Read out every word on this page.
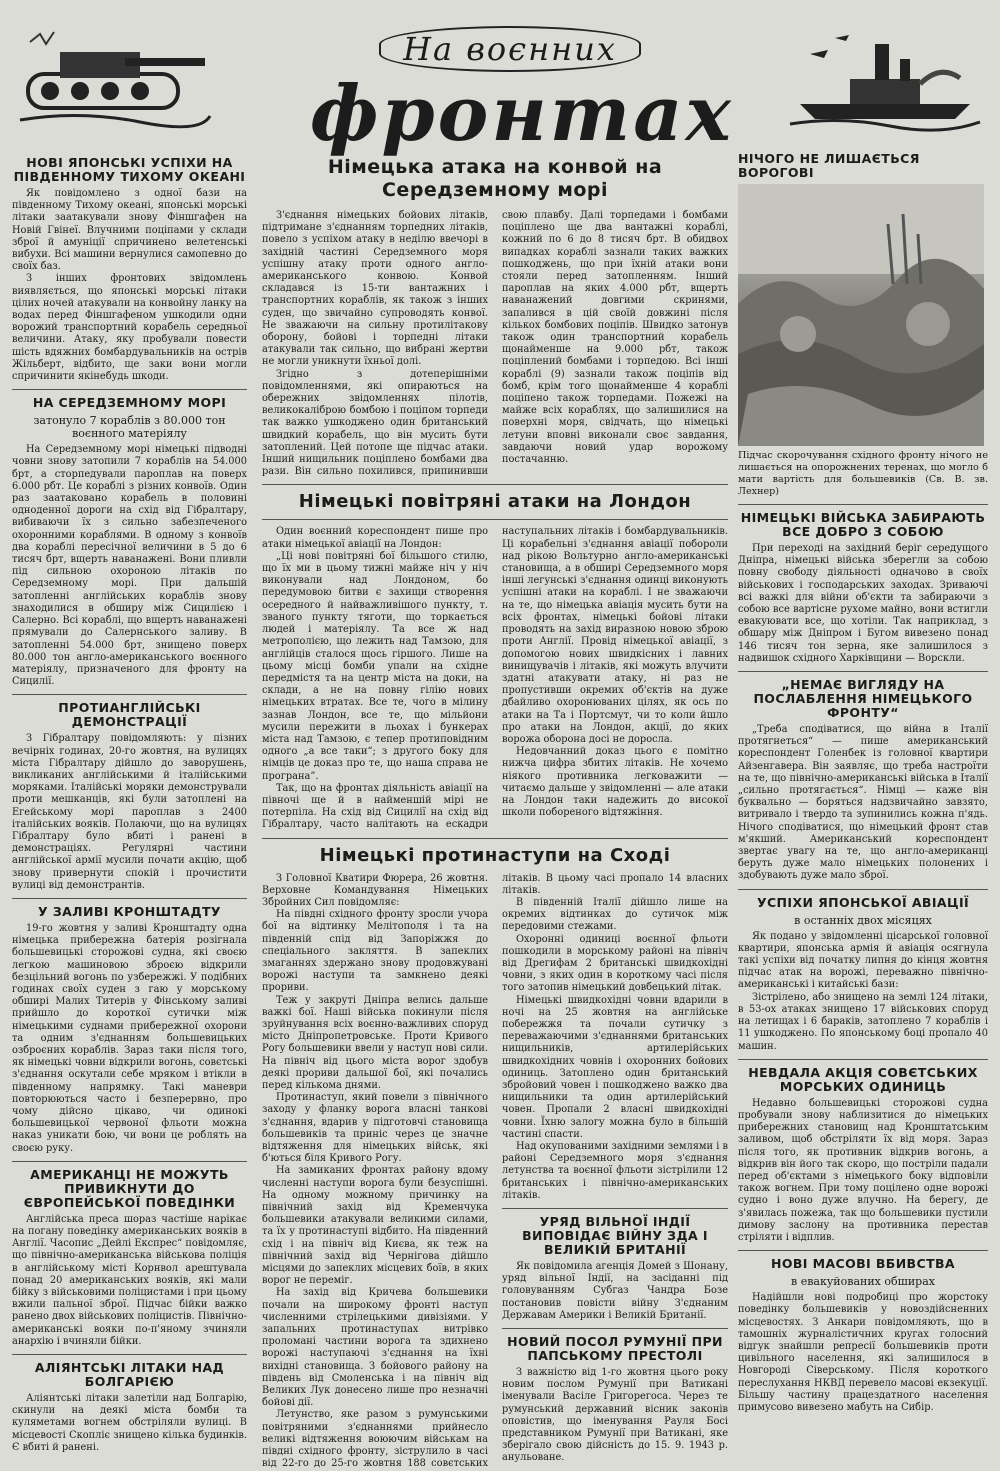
На воєнних
фронтах
НОВІ ЯПОНСЬКІ УСПІХИ НА ПІВДЕННОМУ ТИХОМУ ОКЕАНІ

Як повідомлено з одної бази на південному Тихому океані, японські морські літаки заатакували знову Фіншгафен на Новій Гвінеї. Влучними поціпами у склади зброї й амуніції спричинено велетенські вибухи. Всі машини вернулися самопевно до своїх баз.

З інших фронтових звідомлень виявляється, що японські морські літаки цілих ночей атакували на конвойну ланку на водах перед Фіншгафеном ушкодили одни ворожий транспортний корабель середньої величини. Атаку, яку пробували повести шість вдяжних бомбардувальників на острів Жільберт, відбито, ще заки вони могли спричинити якінебудь шкоди.

НА СЕРЕДЗЕМНОМУ МОРІ
затонуло 7 кораблів з 80.000 тон воєнного матеріялу

На Середземному морі німецькі підводні човни знову затопили 7 кораблів на 54.000 брт, а сторпедували пароплав на поверх 6.000 рбт. Це кораблі з різних конвоїв. Один раз заатаковано корабель в половині одноденної дороги на схід від Гібралтару, вибиваючи їх з сильно забезпеченого охоронними кораблями. В одному з конвоїв два кораблі пересічної величини в 5 до 6 тисяч брт, вщерть наванажені. Вони пливли під сильною охороною літаків по Середземному морі. При дальшій затопленні англійських кораблів знову знаходилися в обширу між Сицилією і Салерно. Всі кораблі, що вщерть наванажені прямували до Салернського заливу. В затопленні 54.000 брт, знищено поверх 80.000 тон англо-американського воєнного матеріялу, призначеного для фронту на Сицилії.

ПРОТИАНГЛІЙСЬКІ ДЕМОНСТРАЦІЇ

З Гібралтару повідомляють: у пізних вечірніх годинах, 20-го жовтня, на вулицях міста Гібралтару дійшло до заворушень, викликаних англійськими й італійськими моряками. Італійські моряки демонстрували проти мешканців, які були затоплені на Егейському морі пароплав з 2400 італійських вояків. Полаючи, що на вулицях Гібралтару було вбиті і ранені в демонстраціях. Регулярні частини англійської армії мусили почати акцію, щоб знову привернути спокій і прочистити вулиці від демонстрантів.

У ЗАЛИВІ КРОНШТАДТУ

19-го жовтня у заливі Кронштадту одна німецька прибережна батерія розігнала большевицькі сторожові судна, які своєю легкою машиновою зброєю відкрили безцільний вогонь по узбережжі. У подібних годинах своїх суден з гаю у морському обширі Малих Титерів у Фінському заливі прийшло до короткої сутички між німецькими суднами прибережної охорони та одним з'єднанням большевицьких озброєних кораблів. Зараз таки після того, як німецькі човни відкрили вогонь, совєтські з'єднання оскутали себе мряком і втікли в південному напрямку. Такі маневри повторюються часто і безперервно, про чому дійсно цікаво, чи одинокі большевицької червоної фльоти можна наказ уникати бою, чи вони це роблять на своєю руку.

АМЕРИКАНЦІ НЕ МОЖУТЬ ПРИВИКНУТИ ДО ЄВРОПЕЙСЬКОЇ ПОВЕДІНКИ

Англійська преса шораз частіше нарікає на погану поведінку американських вояків в Англії. Часопис „Дейлі Експрес“ повідомляє, що північно-американська військова поліція в англійському місті Корнвол арештувала понад 20 американських вояків, які мали бійку з військовими поліцистами і при цьому вжили пальної зброї. Підчас бійки важко ранено двох військових поліцистів. Північно-американські вояки по-п'яному зчиняли анархію і вчиняли бійки.

АЛІЯНТСЬКІ ЛІТАКИ НАД БОЛГАРІЄЮ

Аліянтські літаки залетіли над Болгарію, скинули на деякі міста бомби та куляметами вогнем обстріляли вулиці. В місцевості Скопліє знищено кілька будинків. Є вбиті й ранені.

Німецька атака на конвой на Середземному морі

З'єднання німецьких бойових літаків, підтримане з'єднанням торпедних літаків, повело з успіхом атаку в неділю ввечорі в західній частині Середземного моря успішну атаку проти одного англо-американського конвою. Конвой складався із 15-ти вантажних і транспортних кораблів, як також з інших суден, що звичайно супроводять конвої. Не зважаючи на сильну протилітакову оборону, бойові і торпедні літаки атакували так сильно, що вибрані жертви не могли уникнути їхньої долі.

Згідно з дотеперішніми повідомленнями, які опираються на обережних звідомленнях пілотів, великокаліброю бомбою і поціпом торпеди так важко ушкоджено один британський швидкий корабель, що він мусить бути затоплений. Цей потопе ще підчас атаки. Інший нищильник поціплено бомбами два рази. Він сильно похилився, припинивши свою плавбу. Далі торпедами і бомбами поціплено ще два вантажні кораблі, кожний по 6 до 8 тисяч брт. В обидвох випадках кораблі зазнали таких важких пошкоджень, що при їхній атаки вони стояли перед затопленням. Інший пароплав на яких 4.000 рбт, вщерть наванажений довгими скринями, запалився в цій своїй довжині після кількох бомбових поціпів. Швидко затонув також один транспортний корабель щонайменше на 9.000 рбт, також поціплений бомбами і торпедою. Всі інші кораблі (9) зазнали також поціпів від бомб, крім того щонайменше 4 кораблі поціпено також торпедами. Пожежі на майже всіх кораблях, що залишилися на поверхні моря, свідчать, що німецькі летуни вповні виконали своє завдання, завдаючи новий удар ворожому постачанню.

Німецькі повітряні атаки на Лондон

Один воєнний кореспондент пише про атаки німецької авіації на Лондон:

„Ці нові повітряні бої більшого стилю, що їх ми в цьому тижні майже ніч у ніч виконували над Лондоном, бо передумовою битви є захищи створення осередного й найважливішого пункту, т. званого пункту тяготи, що торкається людей і матеріялу. Та все ж над метрополією, що лежить над Тамзою, для англійців сталося щось гіршого. Лише на цьому місці бомби упали на східне передмістя та на центр міста на доки, на склади, а не на повну гілію нових німецьких втратах. Все те, чого в мілину зазнав Лондон, все те, що мільйони мусили пережити в льохах і бункерах міста над Тамзою, є тепер протиповідним одного „а все таки“; з другого боку для німців це доказ про те, що наша справа не програна”.

Так, що на фронтах діяльність авіації на півночі ще й в найменшій мірі не потерпіла. На схід від Сицилії на схід від Гібралтару, часто налітають на ескадри наступальних літаків і бомбардувальників. Ці корабельні з'єднання авіації побороли над рікою Вольтурно англо-американські становища, а в обширі Середземного моря інші легунські з'єднання одинці виконують успішні атаки на кораблі. І не зважаючи на те, що німецька авіація мусить бути на всіх фронтах, німецькі бойові літаки проводять на захід виразною новою зброю проти Англії. Провід німецької авіації, з допомогою нових швидкісних і лавних винищувачів і літаків, які можуть влучити здатні атакувати атаку, ні раз не пропустивши окремих об'єктів на дуже дбайливо охоронюваних цілях, як ось по атаки на Та і Портсмут, чи то коли йшло про атаки на Лондон, акції, до яких ворожа оборона досі не доросла.

Недовчанний доказ цього є помітно нижча цифра збитих літаків. Не хочемо ніякого противника легковажити — читаємо дальше у звідомленні — але атаки на Лондон таки надежить до високої школи побореного відтяжіння.

Німецькі протинаступи на Сході

З Головної Кватири Фюрера, 26 жовтня. Верховне Командування Німецьких Збройних Сил повідомляє:

На півдні східного фронту зросли учора бої на відтинку Мелітополя і та на південній спід від Запоріжжя до спеціального закляття. В запеклих змаганнях здержано знову продовжувані ворожі наступи та замкнено деякі прориви.

Теж у закруті Дніпра велись дальше важкі бої. Наші війська покинули після зруйнування всіх воєнно-важливих споруд місто Дніпропетровське. Проти Кривого Рогу большевики ввели у наступ нові сили. На північ від цього міста ворог здобув деякі прориви дальшої бої, які почались перед кількома днями.

Протинаступ, який повели з північного заходу у фланку ворога власні танкові з'єднання, вдарив у підготовчі становища большевиків та приніс через це значне відтяження для німецьких військ, які б'ються біля Кривого Рогу.

На замиканих фронтах району вдому численні наступи ворога були безуспішні. На одному можному причинку на північний захід від Кременчука большевики атакували великими силами, та їх у протинаступі відбито. На південний схід і на північ від Києва, як теж на північний захід від Чернігова дійшло місцями до запеклих місцевих боїв, в яких ворог не переміг.

На захід від Кричева большевики почали на широкому фронті наступ численними стрілецькими дивізіями. У запальних протинаступах витрівко проломані частини ворога та здихнено ворожі наступаючі з'єднання на їхні вихідні становища. З бойового району на південь від Смоленська і на північ від Великих Лук донесено лише про незначні бойові дії.

Летунство, яке разом з румунськими повітряними з'єднаннями прийнесло великі відтяження воюючим військам на півдні східного фронту, зіструлило в часі від 22-го до 25-го жовтня 188 совєтських літаків. В цьому часі пропало 14 власних літаків.

В південній Італії дійшло лише на окремих відтинках до сутичок між передовими стежами.

Охоронні одиниці воєнної фльоти пошкодили в морському районі на північ від Дрегифам 2 британські швидкохідні човни, з яких один в короткому часі після того затопив німецький довбецький літак.

Німецькі швидкохідні човни вдарили в ночі на 25 жовтня на англійське побережжя та почали сутичку з переважаючими з'єднаннями британських нищильників, артилерійських швидкохідних човнів і охоронних бойових одиниць. Затоплено один британський збройовий човен і пошкоджено важко два нищильники та один артилерійський човен. Пропали 2 власні швидкохідні човни. Їхню залогу можна було в більшій частині спасти.

Над окупованими західними землями і в районі Середземного моря з'єднання летунства та воєнної фльоти зістрілили 12 британських і північно-американських літаків.

УРЯД ВІЛЬНОЇ ІНДІЇ ВИПОВІДАЄ ВІЙНУ ЗДА І ВЕЛИКІЙ БРИТАНІЇ

Як повідомила агенція Домей з Шонану, уряд вільної Індії, на засіданні під головуванням Субгаз Чандра Бозе постановив повісти війну З'єднаним Державам Америки і Великій Британії.

НОВИЙ ПОСОЛ РУМУНІЇ ПРИ ПАПСЬКОМУ ПРЕСТОЛІ

З важністю від 1-го жовтня цього року новим послом Румунії при Ватикані іменували Васіле Григорегоса. Через те румунський державний вісник законів оповістив, що іменування Рауля Босі представником Румунії при Ватикані, яке зберігало свою дійсність до 15. 9. 1943 р. анульоване.

НІЧОГО НЕ ЛИШАЄТЬСЯ ВОРОГОВІ
Підчас скорочування східного фронту нічого не лишається на опорожнених теренах, що могло б мати вартість для большевиків (Св. В. зв. Лехнер)
НІМЕЦЬКІ ВІЙСЬКА ЗАБИРАЮТЬ ВСЕ ДОБРО З СОБОЮ

При переході на західний беріг середущого Дніпра, німецькі війська зберегли за собою повну свободу діяльності одначово в своїх військових і господарських заходах. Зриваючі всі важкі для війни об'єкти та забираючи з собою все вартісне рухоме майно, вони встигли евакуювати все, що хотіли. Так наприклад, з обшару між Дніпром і Бугом вивезено понад 146 тисяч тон зерна, яке залишилося з надвишок східного Харківщини — Ворскли.

„НЕМАЄ ВИГЛЯДУ НА ПОСЛАБЛЕННЯ НІМЕЦЬКОГО ФРОНТУ“

„Треба сподіватися, що війна в Італії протягнеться“ — пише американський кореспондент Голенбек із головної квартири Айзенгавера. Він заявляє, що треба настроїти на те, що північно-американські війська в Італії „сильно протягається“. Німці — каже він буквально — боряться надзвичайно завзято, витривало і твердо та зупинились кожна п'ядь. Нічого сподіватися, що німецький фронт став м'якший. Американський кореспондент звертає увагу на те, що англо-американці беруть дуже мало німецьких полонених і здобувають дуже мало зброї.

УСПІХИ ЯПОНСЬКОЇ АВІАЦІЇ
в останніх двох місяцях

Як подано у звідомленні цісарської головної квартири, японська армія й авіація осягнула такі успіхи від початку липня до кінця жовтня підчас атак на ворожі, переважно північно-американські і китайські бази:

Зістрілено, або знищено на землі 124 літаки, в 53-ох атаках знищено 17 військових споруд на летищах і 6 бараків, затоплено 7 кораблів і 11 ушкоджено. По японському боці пропало 40 машин.

НЕВДАЛА АКЦІЯ СОВЄТСЬКИХ МОРСЬКИХ ОДИНИЦЬ

Недавно большевицькі сторожові судна пробували знову наблизитися до німецьких прибережних становищ над Кронштатським заливом, щоб обстріляти їх від моря. Зараз після того, як противник відкрив вогонь, а відкрив він його так скоро, що постріли падали перед об'єктами з німецького боку відповіли також вогнем. При тому поцілено одне ворожі судно і воно дуже влучно. На берегу, де з'явилась пожежа, так що большевики пустили димову заслону на противника перестав стріляти і відплив.

НОВІ МАСОВІ ВБИВСТВА
в евакуйованих обширах

Надійшли нові подробиці про жорстоку поведінку большевиків у новоздійсненних місцевостях. З Анкари повідомляють, що в тамошніх журналістичних кругах голосний відгук знайшли репресії большевиків проти цивільного населення, які залишилося в Новгороді Сіверському. Після короткого переслухання НКВД перевело масові екзекуції. Більшу частину працездатного населення примусово вивезено мабуть на Сибір.
